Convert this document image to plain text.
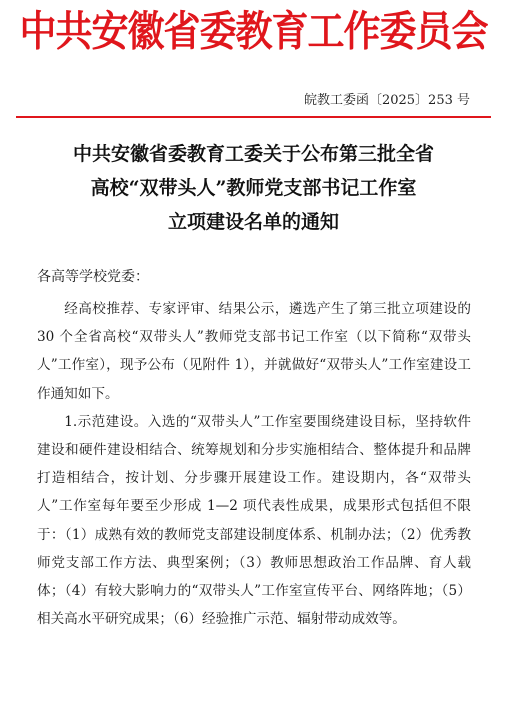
中共安徽省委教育工作委员会
皖教工委函〔2025〕253 号
中共安徽省委教育工委关于公布第三批全省
高校“双带头人”教师党支部书记工作室
立项建设名单的通知
各高等学校党委：

经高校推荐、专家评审、结果公示，遴选产生了第三批立项建设的 30 个全省高校“双带头人”教师党支部书记工作室（以下简称“双带头人”工作室），现予公布（见附件 1），并就做好“双带头人”工作室建设工作通知如下。

1.示范建设。入选的“双带头人”工作室要围绕建设目标，坚持软件建设和硬件建设相结合、统筹规划和分步实施相结合、整体提升和品牌打造相结合，按计划、分步骤开展建设工作。建设期内，各“双带头人”工作室每年要至少形成 1—2 项代表性成果，成果形式包括但不限于：（1）成熟有效的教师党支部建设制度体系、机制办法；（2）优秀教师党支部工作方法、典型案例；（3）教师思想政治工作品牌、育人载体；（4）有较大影响力的“双带头人”工作室宣传平台、网络阵地；（5）相关高水平研究成果；（6）经验推广示范、辐射带动成效等。
